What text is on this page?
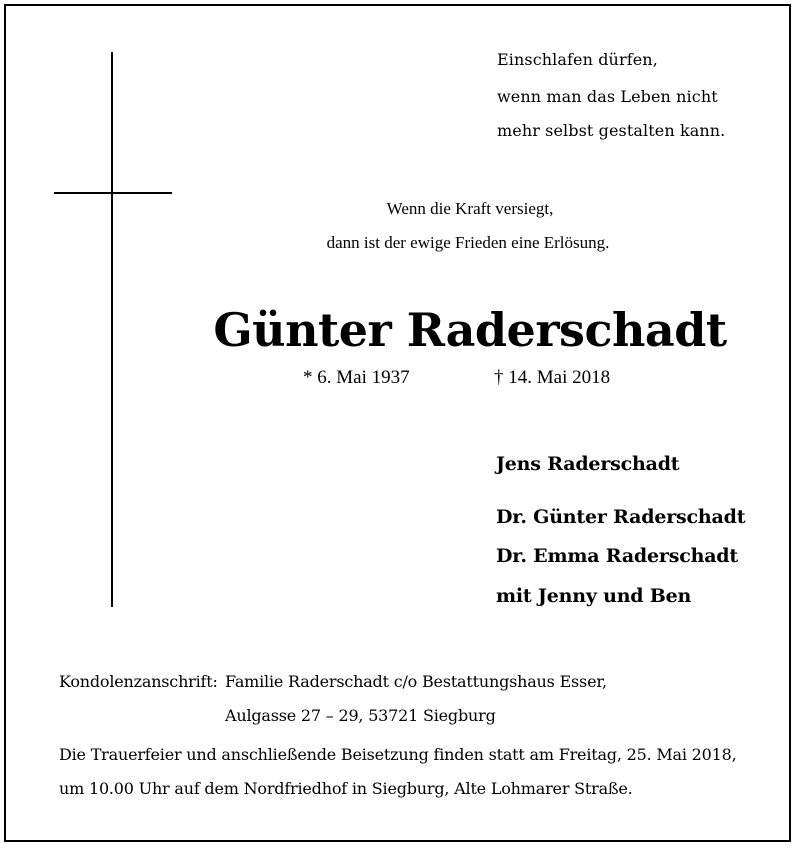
Einschlafen dürfen,
wenn man das Leben nicht
mehr selbst gestalten kann.
Wenn die Kraft versiegt,
dann ist der ewige Frieden eine Erlösung.
Günter Raderschadt
* 6. Mai 1937	† 14. Mai 2018
Jens Raderschadt
Dr. Günter Raderschadt
Dr. Emma Raderschadt
mit Jenny und Ben
Kondolenzanschrift: Familie Raderschadt c/o Bestattungshaus Esser,
Aulgasse 27 – 29, 53721 Siegburg
Die Trauerfeier und anschließende Beisetzung finden statt am Freitag, 25. Mai 2018,
um 10.00 Uhr auf dem Nordfriedhof in Siegburg, Alte Lohmarer Straße.
